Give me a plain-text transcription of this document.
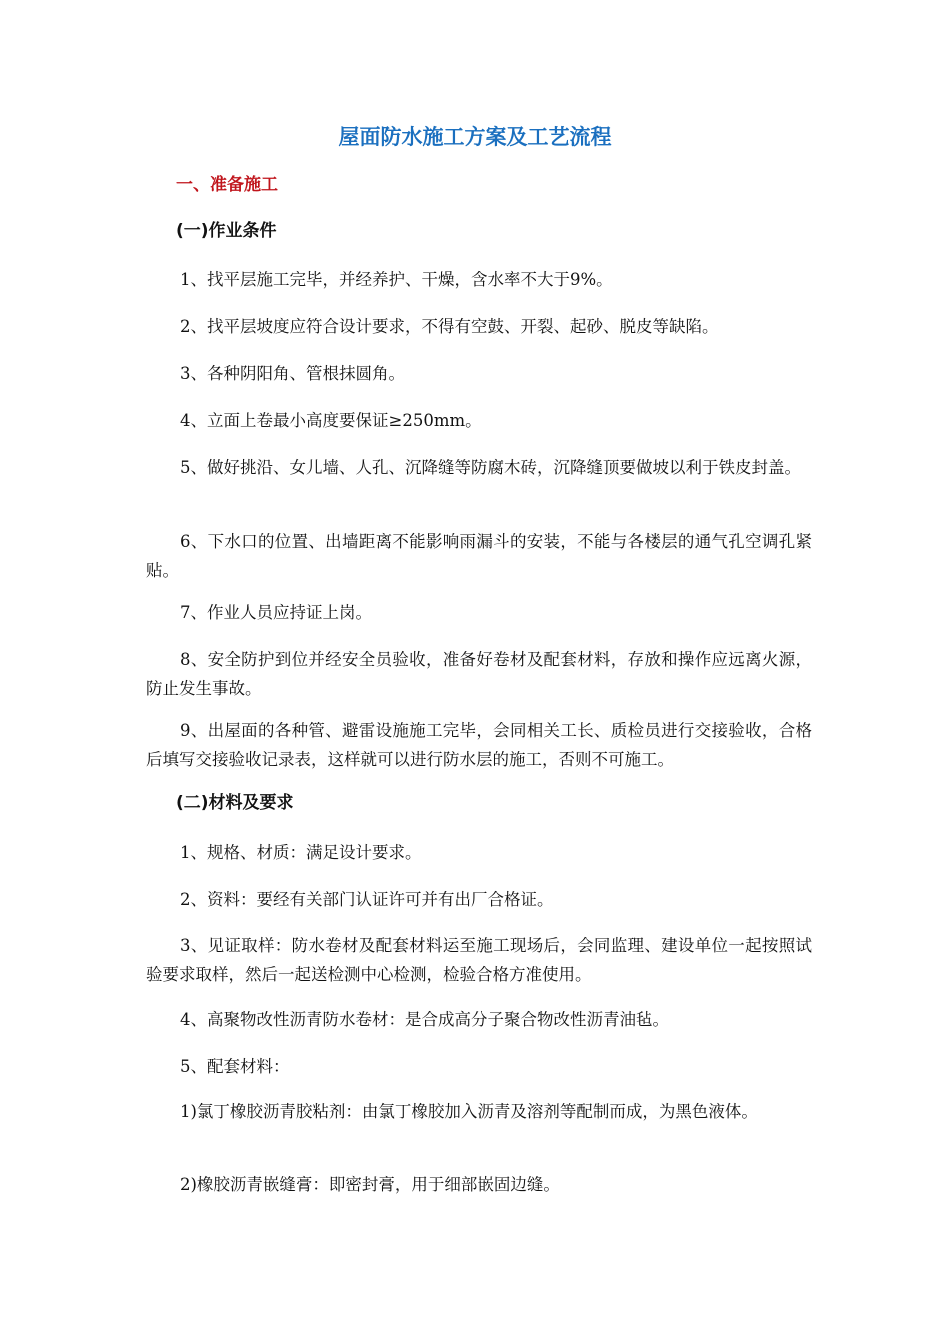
屋面防水施工方案及工艺流程
一、准备施工
(一)作业条件
1、找平层施工完毕，并经养护、干燥，含水率不大于9%。
2、找平层坡度应符合设计要求，不得有空鼓、开裂、起砂、脱皮等缺陷。
3、各种阴阳角、管根抹圆角。
4、立面上卷最小高度要保证≥250mm。
5、做好挑沿、女儿墙、人孔、沉降缝等防腐木砖，沉降缝顶要做坡以利于铁皮封盖。
6、下水口的位置、出墙距离不能影响雨漏斗的安装，不能与各楼层的通气孔空调孔紧贴。
7、作业人员应持证上岗。
8、安全防护到位并经安全员验收，准备好卷材及配套材料，存放和操作应远离火源，防止发生事故。
9、出屋面的各种管、避雷设施施工完毕，会同相关工长、质检员进行交接验收，合格后填写交接验收记录表，这样就可以进行防水层的施工，否则不可施工。
(二)材料及要求
1、规格、材质：满足设计要求。
2、资料：要经有关部门认证许可并有出厂合格证。
3、见证取样：防水卷材及配套材料运至施工现场后，会同监理、建设单位一起按照试验要求取样，然后一起送检测中心检测，检验合格方准使用。
4、高聚物改性沥青防水卷材：是合成高分子聚合物改性沥青油毡。
5、配套材料：
1)氯丁橡胶沥青胶粘剂：由氯丁橡胶加入沥青及溶剂等配制而成，为黑色液体。
2)橡胶沥青嵌缝膏：即密封膏，用于细部嵌固边缝。
